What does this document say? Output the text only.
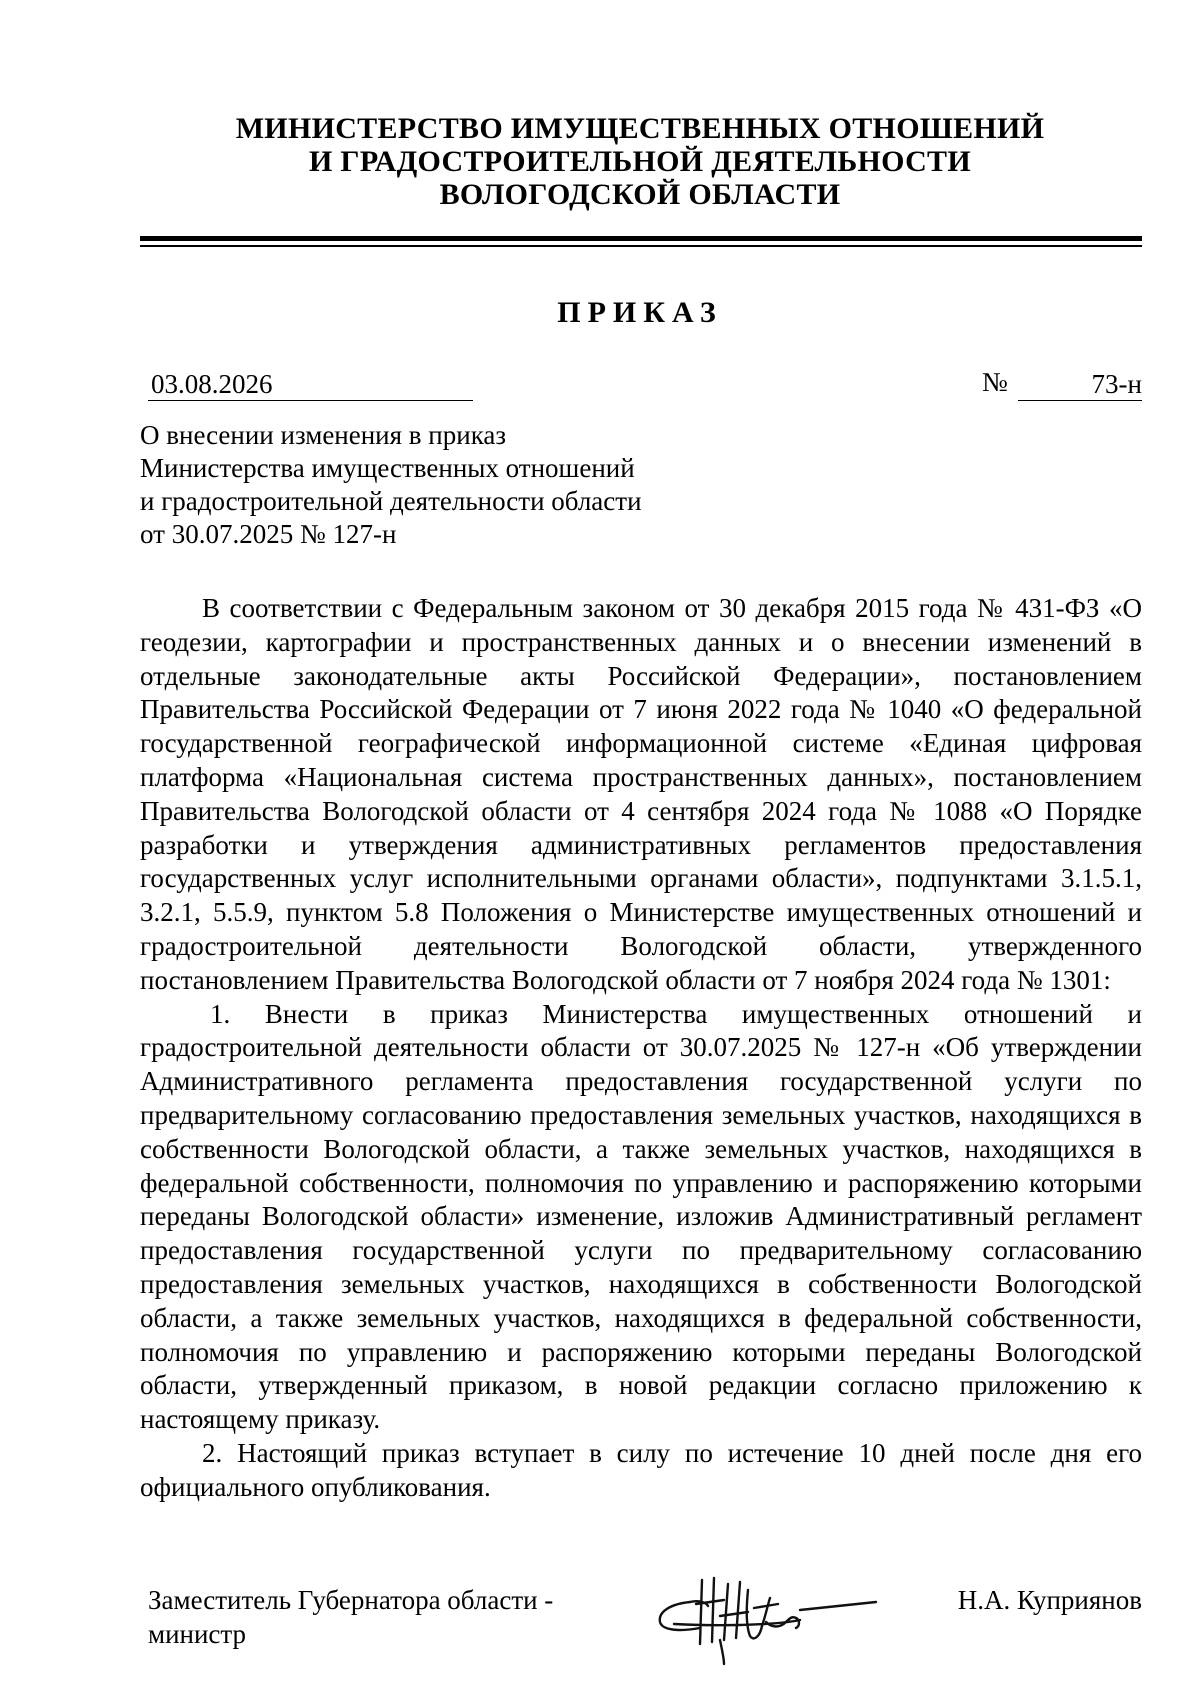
МИНИСТЕРСТВО ИМУЩЕСТВЕННЫХ ОТНОШЕНИЙ
И ГРАДОСТРОИТЕЛЬНОЙ ДЕЯТЕЛЬНОСТИ
ВОЛОГОДСКОЙ ОБЛАСТИ
ПРИКАЗ
03.08.2026	№	73-н
О внесении изменения в приказ
Министерства имущественных отношений
и градостроительной деятельности области
от 30.07.2025 № 127-н

В соответствии с Федеральным законом от 30 декабря 2015 года № 431-ФЗ «О геодезии, картографии и пространственных данных и о внесении изменений в отдельные законодательные акты Российской Федерации», постановлением Правительства Российской Федерации от 7 июня 2022 года № 1040 «О федеральной государственной географической информационной системе «Единая цифровая платформа «Национальная система пространственных данных», постановлением Правительства Вологодской области от 4 сентября 2024 года № 1088 «О Порядке разработки и утверждения административных регламентов предоставления государственных услуг исполнительными органами области», подпунктами 3.1.5.1, 3.2.1, 5.5.9, пунктом 5.8 Положения о Министерстве имущественных отношений и градостроительной деятельности Вологодской области, утвержденного постановлением Правительства Вологодской области от 7 ноября 2024 года № 1301:

1. Внести в приказ Министерства имущественных отношений и градостроительной деятельности области от 30.07.2025 № 127-н «Об утверждении Административного регламента предоставления государственной услуги по предварительному согласованию предоставления земельных участков, находящихся в собственности Вологодской области, а также земельных участков, находящихся в федеральной собственности, полномочия по управлению и распоряжению которыми переданы Вологодской области» изменение, изложив Административный регламент предоставления государственной услуги по предварительному согласованию предоставления земельных участков, находящихся в собственности Вологодской области, а также земельных участков, находящихся в федеральной собственности, полномочия по управлению и распоряжению которыми переданы Вологодской области, утвержденный приказом, в новой редакции согласно приложению к настоящему приказу.

2. Настоящий приказ вступает в силу по истечение 10 дней после дня его официального опубликования.

Заместитель Губернатора области -
министр
Н.А. Куприянов
